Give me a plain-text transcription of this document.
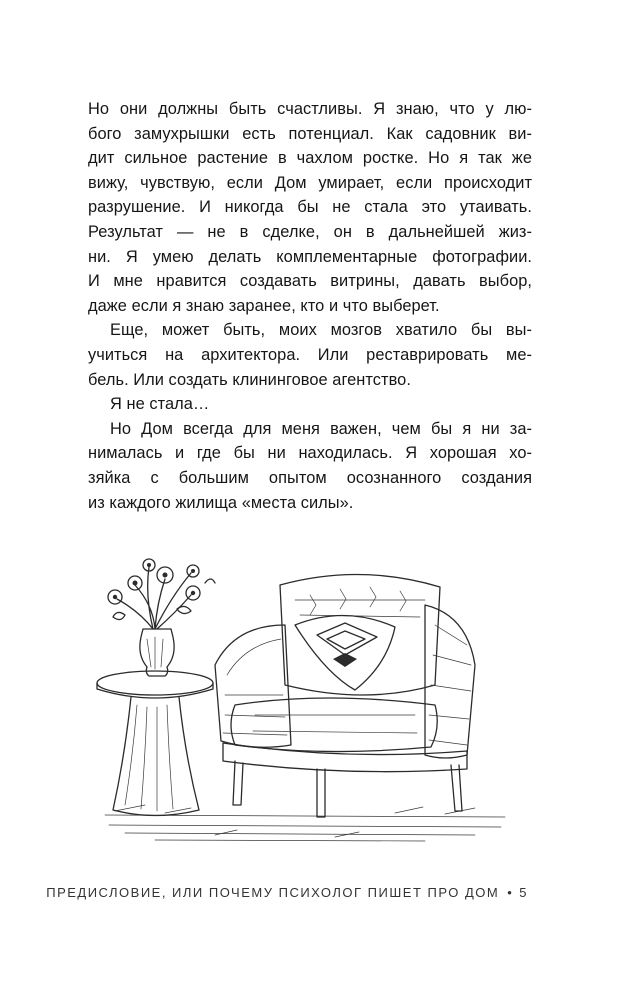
Но они должны быть счастливы. Я знаю, что у лю-
бого замухрышки есть потенциал. Как садовник ви-
дит сильное растение в чахлом ростке. Но я так же
вижу, чувствую, если Дом умирает, если происходит
разрушение. И никогда бы не стала это утаивать.
Результат — не в сделке, он в дальнейшей жиз-
ни. Я умею делать комплементарные фотографии.
И мне нравится создавать витрины, давать выбор,
даже если я знаю заранее, кто и что выберет.
Еще, может быть, моих мозгов хватило бы вы-
учиться на архитектора. Или реставрировать ме-
бель. Или создать клининговое агентство.
Я не стала…
Но Дом всегда для меня важен, чем бы я ни за-
нималась и где бы ни находилась. Я хорошая хо-
зяйка с большим опытом осознанного создания
из каждого жилища «места силы».
ПРЕДИСЛОВИЕ, ИЛИ ПОЧЕМУ ПСИХОЛОГ ПИШЕТ ПРО ДОМ • 5
